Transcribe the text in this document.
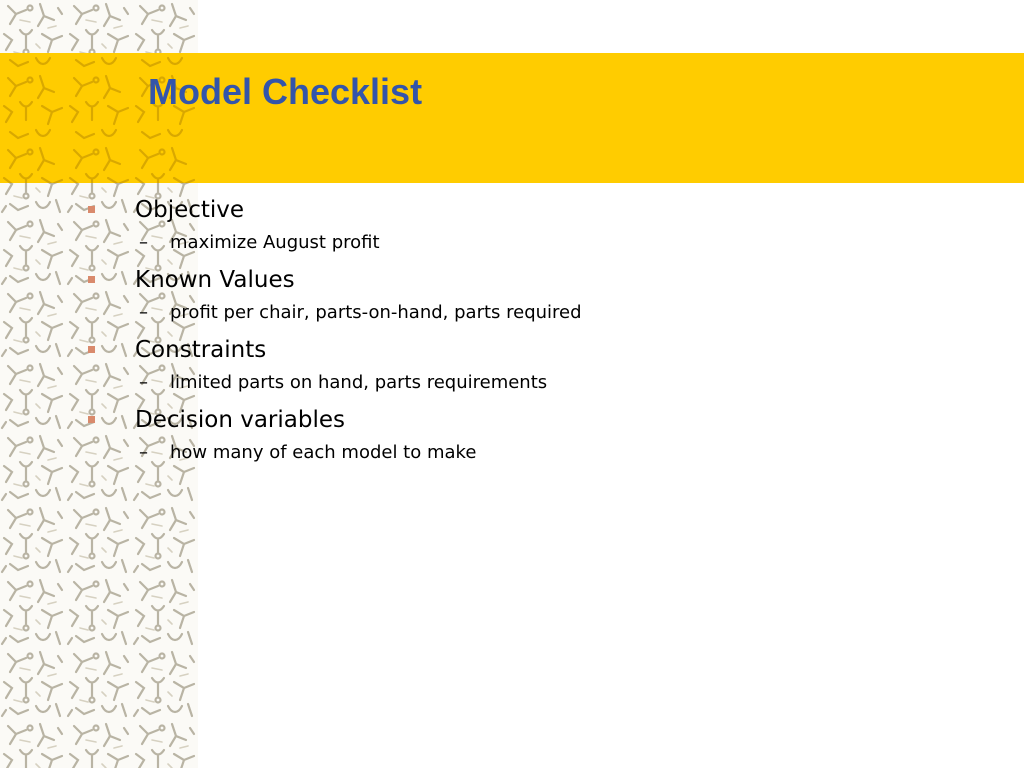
Model Checklist
Objective
– maximize August profit
Known Values
– profit per chair, parts-on-hand, parts required
Constraints
– limited parts on hand, parts requirements
Decision variables
– how many of each model to make
